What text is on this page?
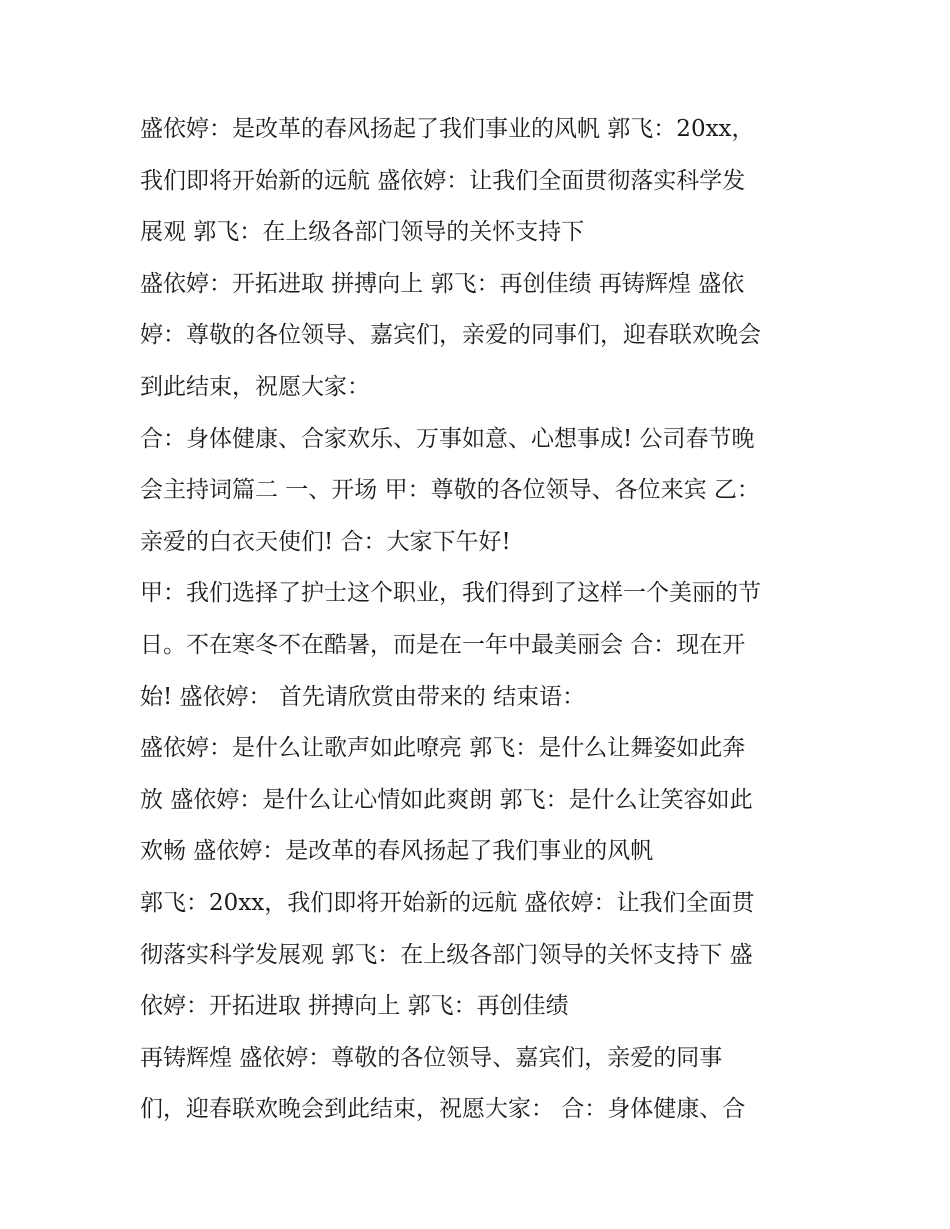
盛依婷：是改革的春风扬起了我们事业的风帆 郭飞：20xx，
我们即将开始新的远航 盛依婷：让我们全面贯彻落实科学发
展观 郭飞：在上级各部门领导的关怀支持下
盛依婷：开拓进取 拼搏向上 郭飞：再创佳绩 再铸辉煌 盛依
婷：尊敬的各位领导、嘉宾们，亲爱的同事们，迎春联欢晚会
到此结束，祝愿大家：
合：身体健康、合家欢乐、万事如意、心想事成! 公司春节晚
会主持词篇二 一、开场 甲：尊敬的各位领导、各位来宾 乙：
亲爱的白衣天使们! 合：大家下午好!
甲：我们选择了护士这个职业，我们得到了这样一个美丽的节
日。不在寒冬不在酷暑，而是在一年中最美丽会 合：现在开
始! 盛依婷： 首先请欣赏由带来的 结束语：
盛依婷：是什么让歌声如此嘹亮 郭飞：是什么让舞姿如此奔
放 盛依婷：是什么让心情如此爽朗 郭飞：是什么让笑容如此
欢畅 盛依婷：是改革的春风扬起了我们事业的风帆
郭飞：20xx，我们即将开始新的远航 盛依婷：让我们全面贯
彻落实科学发展观 郭飞：在上级各部门领导的关怀支持下 盛
依婷：开拓进取 拼搏向上 郭飞：再创佳绩
再铸辉煌 盛依婷：尊敬的各位领导、嘉宾们，亲爱的同事
们，迎春联欢晚会到此结束，祝愿大家： 合：身体健康、合
